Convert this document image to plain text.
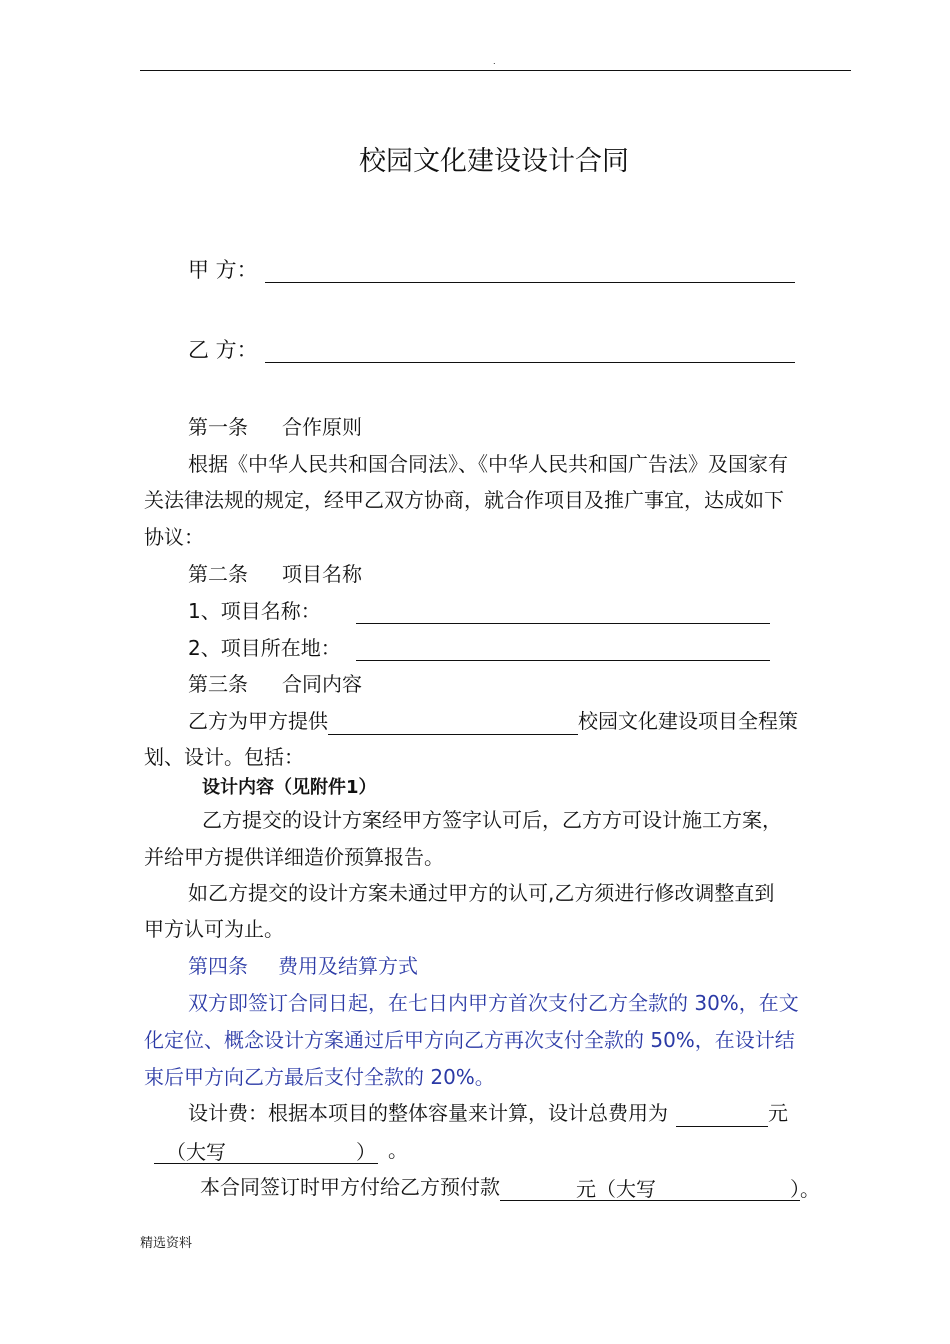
.
校园文化建设设计合同
甲 方：
乙 方：
第一条 合作原则
根据《中华人民共和国合同法》、《中华人民共和国广告法》及国家有
关法律法规的规定，经甲乙双方协商，就合作项目及推广事宜，达成如下
协议：
第二条 项目名称
1、项目名称：
2、项目所在地：
第三条 合同内容
乙方为甲方提供	校园文化建设项目全程策
划、设计。包括：
设计内容（见附件1）
乙方提交的设计方案经甲方签字认可后，乙方方可设计施工方案，
并给甲方提供详细造价预算报告。
如乙方提交的设计方案未通过甲方的认可,乙方须进行修改调整直到
甲方认可为止。
第四条 费用及结算方式
双方即签订合同日起，在七日内甲方首次支付乙方全款的 30%，在文
化定位、概念设计方案通过后甲方向乙方再次支付全款的 50%，在设计结
束后甲方向乙方最后支付全款的 20%。
设计费：根据本项目的整体容量来计算，设计总费用为	元
（大写	） 。
本合同签订时甲方付给乙方预付款	元（大写	）。
精选资料
